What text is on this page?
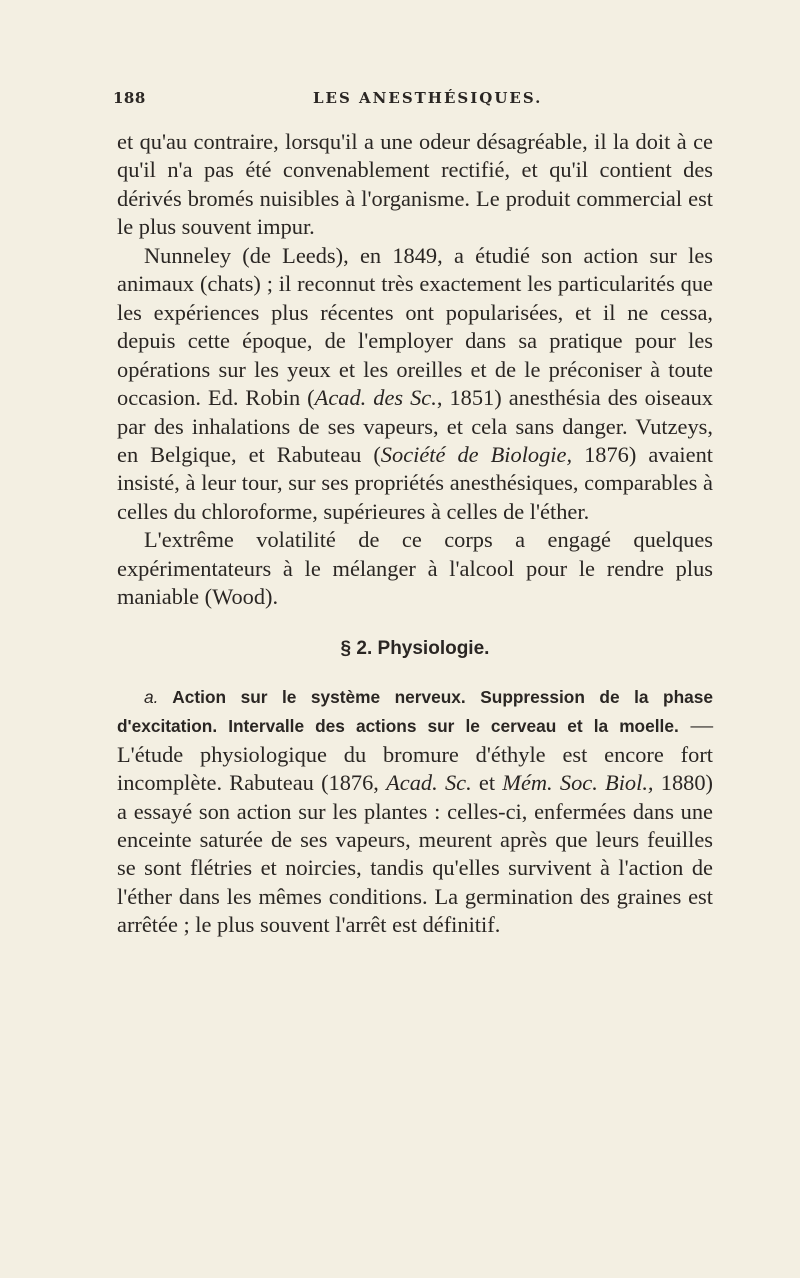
188	LES ANESTHÉSIQUES.

et qu'au contraire, lorsqu'il a une odeur désagréable, il la doit à ce qu'il n'a pas été convenablement rectifié, et qu'il contient des dérivés bromés nuisibles à l'organisme. Le produit commercial est le plus souvent impur.

Nunneley (de Leeds), en 1849, a étudié son action sur les animaux (chats) ; il reconnut très exactement les particularités que les expériences plus récentes ont popularisées, et il ne cessa, depuis cette époque, de l'employer dans sa pratique pour les opérations sur les yeux et les oreilles et de le préconiser à toute occasion. Ed. Robin (Acad. des Sc., 1851) anesthésia des oiseaux par des inhalations de ses vapeurs, et cela sans danger. Vutzeys, en Belgique, et Rabuteau (Société de Biologie, 1876) avaient insisté, à leur tour, sur ses propriétés anesthésiques, comparables à celles du chloroforme, supérieures à celles de l'éther.

L'extrême volatilité de ce corps a engagé quelques expérimentateurs à le mélanger à l'alcool pour le rendre plus maniable (Wood).

§ 2. Physiologie.

a. Action sur le système nerveux. Suppression de la phase d'excitation. Intervalle des actions sur le cerveau et la moelle. — L'étude physiologique du bromure d'éthyle est encore fort incomplète. Rabuteau (1876, Acad. Sc. et Mém. Soc. Biol., 1880) a essayé son action sur les plantes : celles-ci, enfermées dans une enceinte saturée de ses vapeurs, meurent après que leurs feuilles se sont flétries et noircies, tandis qu'elles survivent à l'action de l'éther dans les mêmes conditions. La germination des graines est arrêtée ; le plus souvent l'arrêt est définitif.
